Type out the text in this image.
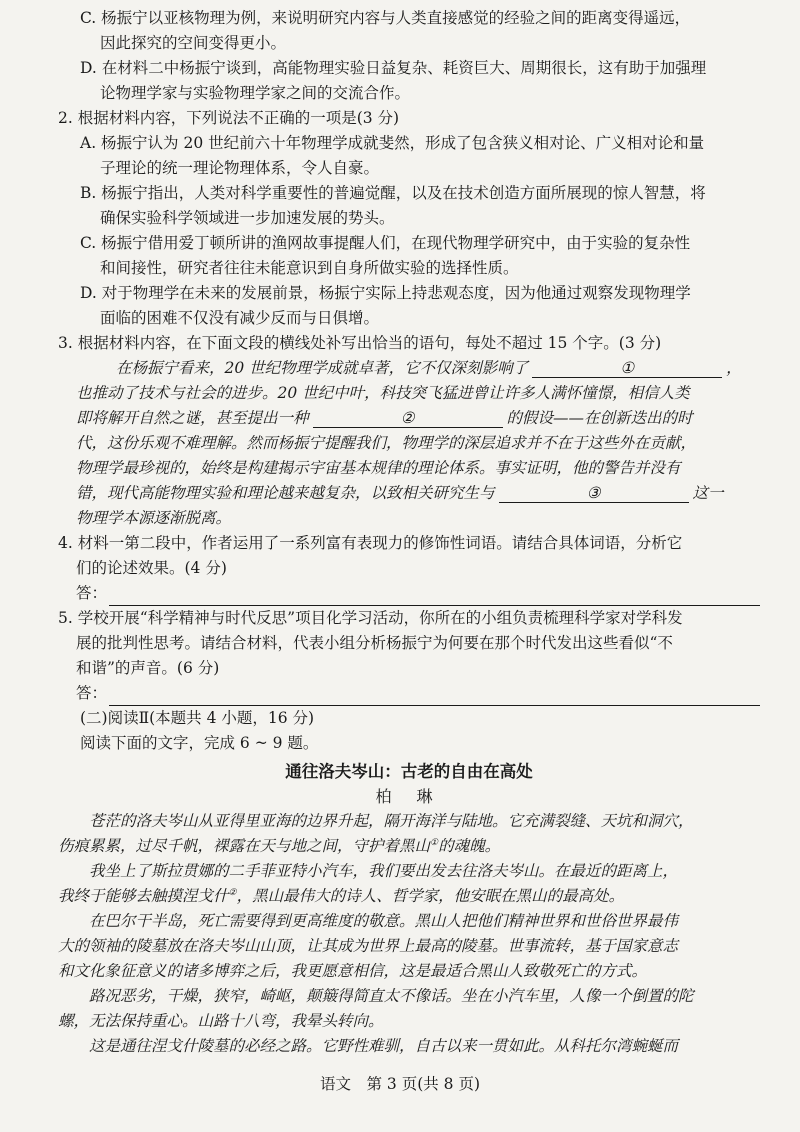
C. 杨振宁以亚核物理为例，来说明研究内容与人类直接感觉的经验之间的距离变得遥远，
因此探究的空间变得更小。
D. 在材料二中杨振宁谈到，高能物理实验日益复杂、耗资巨大、周期很长，这有助于加强理
论物理学家与实验物理学家之间的交流合作。
2. 根据材料内容，下列说法不正确的一项是(3 分)
A. 杨振宁认为 20 世纪前六十年物理学成就斐然，形成了包含狭义相对论、广义相对论和量
子理论的统一理论物理体系，令人自豪。
B. 杨振宁指出，人类对科学重要性的普遍觉醒，以及在技术创造方面所展现的惊人智慧，将
确保实验科学领域进一步加速发展的势头。
C. 杨振宁借用爱丁顿所讲的渔网故事提醒人们，在现代物理学研究中，由于实验的复杂性
和间接性，研究者往往未能意识到自身所做实验的选择性质。
D. 对于物理学在未来的发展前景，杨振宁实际上持悲观态度，因为他通过观察发现物理学
面临的困难不仅没有减少反而与日俱增。
3. 根据材料内容，在下面文段的横线处补写出恰当的语句，每处不超过 15 个字。(3 分)
在杨振宁看来，20 世纪物理学成就卓著，它不仅深刻影响了	①	，
也推动了技术与社会的进步。20 世纪中叶，科技突飞猛进曾让许多人满怀憧憬，相信人类
即将解开自然之谜，甚至提出一种	②	的假设——在创新迭出的时
代，这份乐观不难理解。然而杨振宁提醒我们，物理学的深层追求并不在于这些外在贡献，
物理学最珍视的，始终是构建揭示宇宙基本规律的理论体系。事实证明，他的警告并没有
错，现代高能物理实验和理论越来越复杂，以致相关研究生与	③	这一
物理学本源逐渐脱离。
4. 材料一第二段中，作者运用了一系列富有表现力的修饰性词语。请结合具体词语，分析它
们的论述效果。(4 分)
答：
5. 学校开展“科学精神与时代反思”项目化学习活动，你所在的小组负责梳理科学家对学科发
展的批判性思考。请结合材料，代表小组分析杨振宁为何要在那个时代发出这些看似“不
和谐”的声音。(6 分)
答：
(二)阅读Ⅱ(本题共 4 小题，16 分)
阅读下面的文字，完成 6 ~ 9 题。
通往洛夫岑山：古老的自由在高处
柏 琳
苍茫的洛夫岑山从亚得里亚海的边界升起，隔开海洋与陆地。它充满裂缝、天坑和洞穴，
伤痕累累，过尽千帆，裸露在天与地之间，守护着黑山①的魂魄。
我坐上了斯拉贯娜的二手菲亚特小汽车，我们要出发去往洛夫岑山。在最近的距离上，
我终于能够去触摸涅戈什②，黑山最伟大的诗人、哲学家，他安眠在黑山的最高处。
在巴尔干半岛，死亡需要得到更高维度的敬意。黑山人把他们精神世界和世俗世界最伟
大的领袖的陵墓放在洛夫岑山山顶，让其成为世界上最高的陵墓。世事流转，基于国家意志
和文化象征意义的诸多博弈之后，我更愿意相信，这是最适合黑山人致敬死亡的方式。
路况恶劣，干燥，狭窄，崎岖，颠簸得简直太不像话。坐在小汽车里，人像一个倒置的陀
螺，无法保持重心。山路十八弯，我晕头转向。
这是通往涅戈什陵墓的必经之路。它野性难驯，自古以来一贯如此。从科托尔湾蜿蜒而
语文　第 3 页(共 8 页)
